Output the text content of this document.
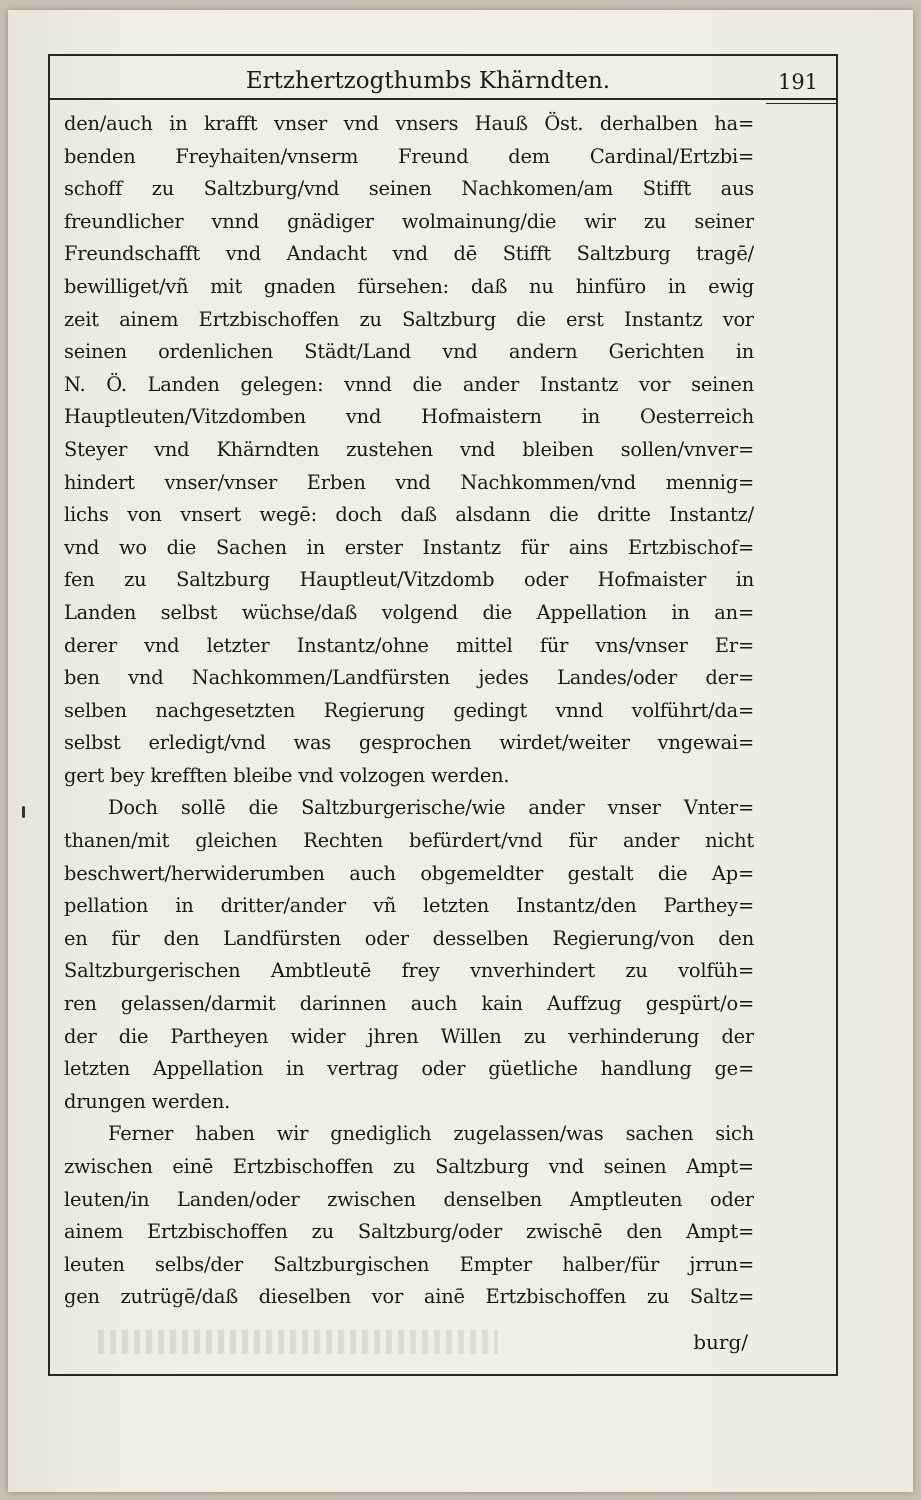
Ertzhertzogthumbs Khärndten.	191
den/auch in krafft vnser vnd vnsers Hauß Öst. derhalben ha=
benden Freyhaiten/vnserm Freund dem Cardinal/Ertzbi=
schoff zu Saltzburg/vnd seinen Nachkomen/am Stifft aus
freundlicher vnnd gnädiger wolmainung/die wir zu seiner
Freundschafft vnd Andacht vnd dē Stifft Saltzburg tragē/
bewilliget/vñ mit gnaden fürsehen: daß nu hinfüro in ewig
zeit ainem Ertzbischoffen zu Saltzburg die erst Instantz vor
seinen ordenlichen Städt/Land vnd andern Gerichten in
N. Ö. Landen gelegen: vnnd die ander Instantz vor seinen
Hauptleuten/Vitzdomben vnd Hofmaistern in Oesterreich
Steyer vnd Khärndten zustehen vnd bleiben sollen/vnver=
hindert vnser/vnser Erben vnd Nachkommen/vnd mennig=
lichs von vnsert wegē: doch daß alsdann die dritte Instantz/
vnd wo die Sachen in erster Instantz für ains Ertzbischof=
fen zu Saltzburg Hauptleut/Vitzdomb oder Hofmaister in
Landen selbst wüchse/daß volgend die Appellation in an=
derer vnd letzter Instantz/ohne mittel für vns/vnser Er=
ben vnd Nachkommen/Landfürsten jedes Landes/oder der=
selben nachgesetzten Regierung gedingt vnnd volführt/da=
selbst erledigt/vnd was gesprochen wirdet/weiter vngewai=
gert bey krefften bleibe vnd volzogen werden.
Doch sollē die Saltzburgerische/wie ander vnser Vnter=
thanen/mit gleichen Rechten befürdert/vnd für ander nicht
beschwert/herwiderumben auch obgemeldter gestalt die Ap=
pellation in dritter/ander vñ letzten Instantz/den Parthey=
en für den Landfürsten oder desselben Regierung/von den
Saltzburgerischen Ambtleutē frey vnverhindert zu volfüh=
ren gelassen/darmit darinnen auch kain Auffzug gespürt/o=
der die Partheyen wider jhren Willen zu verhinderung der
letzten Appellation in vertrag oder güetliche handlung ge=
drungen werden.
Ferner haben wir gnediglich zugelassen/was sachen sich
zwischen einē Ertzbischoffen zu Saltzburg vnd seinen Ampt=
leuten/in Landen/oder zwischen denselben Amptleuten oder
ainem Ertzbischoffen zu Saltzburg/oder zwischē den Ampt=
leuten selbs/der Saltzburgischen Empter halber/für jrrun=
gen zutrügē/daß dieselben vor ainē Ertzbischoffen zu Saltz=
burg/
